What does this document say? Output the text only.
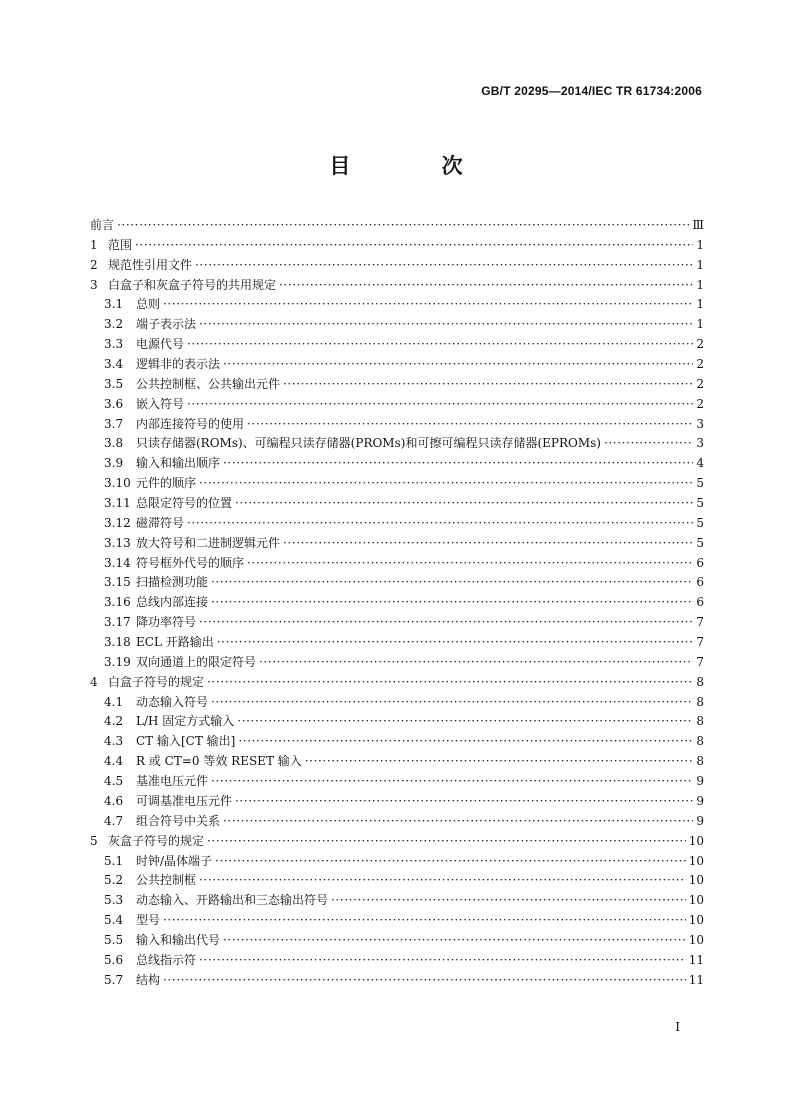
GB/T 20295—2014/IEC TR 61734:2006
目 次
前言 ·····	Ⅲ
1 范围 ·····	1
2 规范性引用文件 ·····	1
3 白盒子和灰盒子符号的共用规定 ·····	1
3.1	总则 ·····	1
3.2	端子表示法 ·····	1
3.3	电源代号 ·····	2
3.4	逻辑非的表示法 ·····	2
3.5	公共控制框、公共输出元件 ·····	2
3.6	嵌入符号 ·····	2
3.7	内部连接符号的使用 ·····	3
3.8	只读存储器(ROMs)、可编程只读存储器(PROMs)和可擦可编程只读存储器(EPROMs) ·····	3
3.9	输入和输出顺序 ·····	4
3.10 元件的顺序 ·····	5
3.11 总限定符号的位置 ·····	5
3.12 磁滞符号 ·····	5
3.13 放大符号和二进制逻辑元件 ·····	5
3.14 符号框外代号的顺序 ·····	6
3.15 扫描检测功能 ·····	6
3.16 总线内部连接 ·····	6
3.17 降功率符号 ·····	7
3.18 ECL 开路输出 ·····	7
3.19 双向通道上的限定符号 ·····	7
4 白盒子符号的规定 ·····	8
4.1	动态输入符号 ·····	8
4.2	L/H 固定方式输入 ·····	8
4.3	CT 输入[CT 输出] ·····	8
4.4	R 或 CT=0 等效 RESET 输入 ·····	8
4.5	基准电压元件 ·····	9
4.6	可调基准电压元件 ·····	9
4.7	组合符号中关系 ·····	9
5 灰盒子符号的规定 ·····	10
5.1	时钟/晶体端子 ·····	10
5.2	公共控制框 ·····	10
5.3	动态输入、开路输出和三态输出符号 ·····	10
5.4	型号 ·····	10
5.5	输入和输出代号 ·····	10
5.6	总线指示符 ·····	11
5.7	结构 ·····	11
I
